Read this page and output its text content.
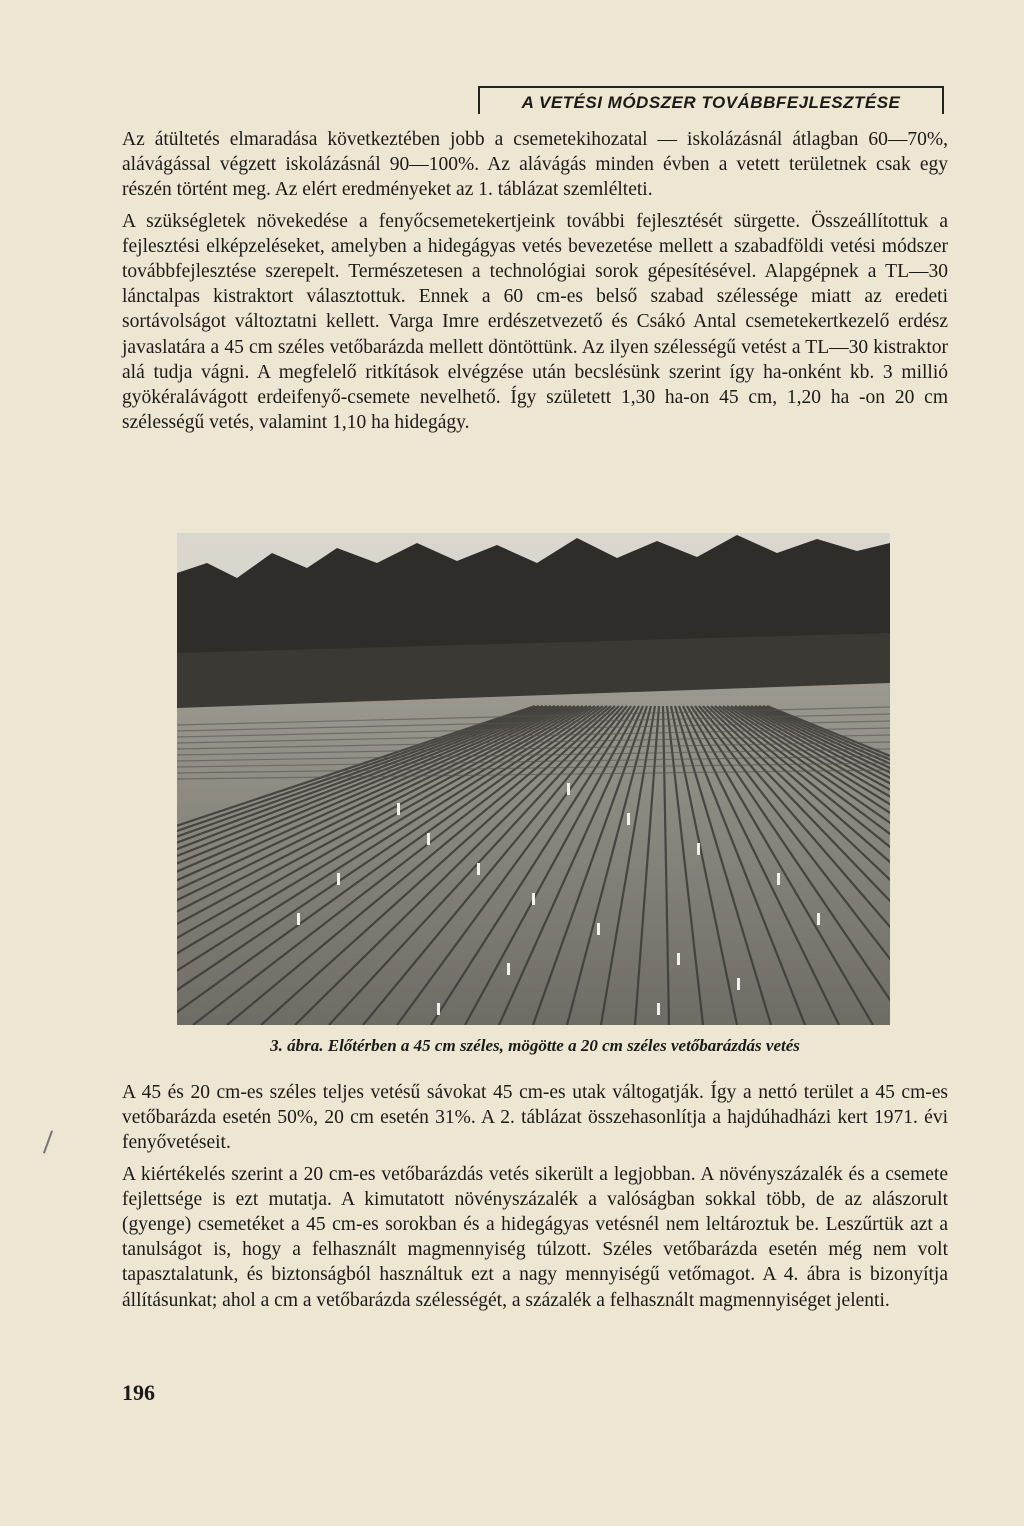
A VETÉSI MÓDSZER TOVÁBBFEJLESZTÉSE

Az átültetés elmaradása következtében jobb a csemetekihozatal — iskolázásnál átlagban 60—70%, alávágással végzett iskolázásnál 90—100%. Az alávágás minden évben a vetett területnek csak egy részén történt meg. Az elért eredményeket az 1. táblázat szemlélteti.

A szükségletek növekedése a fenyőcsemetekertjeink további fejlesztését sürgette. Összeállítottuk a fejlesztési elképzeléseket, amelyben a hidegágyas vetés bevezetése mellett a szabadföldi vetési módszer továbbfejlesztése szerepelt. Természetesen a technológiai sorok gépesítésével. Alapgépnek a TL—30 lánctalpas kistraktort választottuk. Ennek a 60 cm-es belső szabad szélessége miatt az eredeti sortávolságot változtatni kellett. Varga Imre erdészetvezető és Csákó Antal csemetekertkezelő erdész javaslatára a 45 cm széles vetőbarázda mellett döntöttünk. Az ilyen szélességű vetést a TL—30 kistraktor alá tudja vágni. A megfelelő ritkítások elvégzése után becslésünk szerint így ha-onként kb. 3 millió gyökéralávágott erdeifenyő-csemete nevelhető. Így született 1,30 ha-on 45 cm, 1,20 ha -on 20 cm szélességű vetés, valamint 1,10 ha hidegágy.

3. ábra. Előtérben a 45 cm széles, mögötte a 20 cm széles vetőbarázdás vetés

A 45 és 20 cm-es széles teljes vetésű sávokat 45 cm-es utak váltogatják. Így a nettó terület a 45 cm-es vetőbarázda esetén 50%, 20 cm esetén 31%. A 2. táblázat összehasonlítja a hajdúhadházi kert 1971. évi fenyővetéseit.

A kiértékelés szerint a 20 cm-es vetőbarázdás vetés sikerült a legjobban. A növényszázalék és a csemete fejlettsége is ezt mutatja. A kimutatott növényszázalék a valóságban sokkal több, de az alászorult (gyenge) csemetéket a 45 cm-es sorokban és a hidegágyas vetésnél nem leltároztuk be. Leszűrtük azt a tanulságot is, hogy a felhasznált magmennyiség túlzott. Széles vetőbarázda esetén még nem volt tapasztalatunk, és biztonságból használtuk ezt a nagy mennyiségű vetőmagot. A 4. ábra is bizonyítja állításunkat; ahol a cm a vetőbarázda szélességét, a százalék a felhasznált magmennyiséget jelenti.

196
